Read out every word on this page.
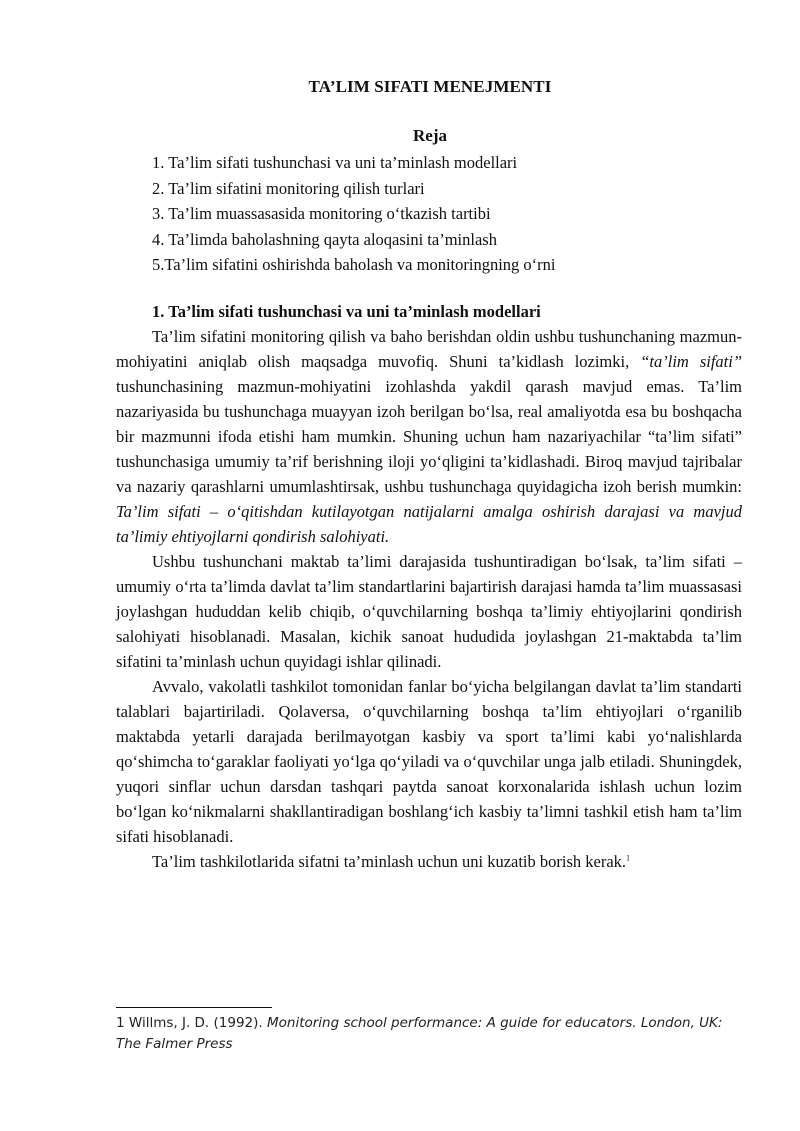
TA’LIM SIFATI MENEJMENTI
Reja
1. Ta’lim sifati tushunchasi va uni ta’minlash modellari
2. Ta’lim sifatini monitoring qilish turlari
3. Ta’lim muassasasida monitoring o‘tkazish tartibi
4. Ta’limda baholashning qayta aloqasini ta’minlash
5.Ta’lim sifatini oshirishda baholash va monitoringning o‘rni

1. Ta’lim sifati tushunchasi va uni ta’minlash modellari

Ta’lim sifatini monitoring qilish va baho berishdan oldin ushbu tushunchaning mazmun-mohiyatini aniqlab olish maqsadga muvofiq. Shuni ta’kidlash lozimki, “ta’lim sifati” tushunchasining mazmun-mohiyatini izohlashda yakdil qarash mavjud emas. Ta’lim nazariyasida bu tushunchaga muayyan izoh berilgan bo‘lsa, real amaliyotda esa bu boshqacha bir mazmunni ifoda etishi ham mumkin. Shuning uchun ham nazariyachilar “ta’lim sifati” tushunchasiga umumiy ta’rif berishning iloji yo‘qligini ta’kidlashadi. Biroq mavjud tajribalar va nazariy qarashlarni umumlashtirsak, ushbu tushunchaga quyidagicha izoh berish mumkin: Ta’lim sifati – o‘qitishdan kutilayotgan natijalarni amalga oshirish darajasi va mavjud ta’limiy ehtiyojlarni qondirish salohiyati.

Ushbu tushunchani maktab ta’limi darajasida tushuntiradigan bo‘lsak, ta’lim sifati – umumiy o‘rta ta’limda davlat ta’lim standartlarini bajartirish darajasi hamda ta’lim muassasasi joylashgan hududdan kelib chiqib, o‘quvchilarning boshqa ta’limiy ehtiyojlarini qondirish salohiyati hisoblanadi. Masalan, kichik sanoat hududida joylashgan 21-maktabda ta’lim sifatini ta’minlash uchun quyidagi ishlar qilinadi.

Avvalo, vakolatli tashkilot tomonidan fanlar bo‘yicha belgilangan davlat ta’lim standarti talablari bajartiriladi. Qolaversa, o‘quvchilarning boshqa ta’lim ehtiyojlari o‘rganilib maktabda yetarli darajada berilmayotgan kasbiy va sport ta’limi kabi yo‘nalishlarda qo‘shimcha to‘garaklar faoliyati yo‘lga qo‘yiladi va o‘quvchilar unga jalb etiladi. Shuningdek, yuqori sinflar uchun darsdan tashqari paytda sanoat korxonalarida ishlash uchun lozim bo‘lgan ko‘nikmalarni shakllantiradigan boshlang‘ich kasbiy ta’limni tashkil etish ham ta’lim sifati hisoblanadi.

Ta’lim tashkilotlarida sifatni ta’minlash uchun uni kuzatib borish kerak.$^1$

1 Willms, J. D. (1992). Monitoring school performance: A guide for educators. London, UK: The Falmer Press
